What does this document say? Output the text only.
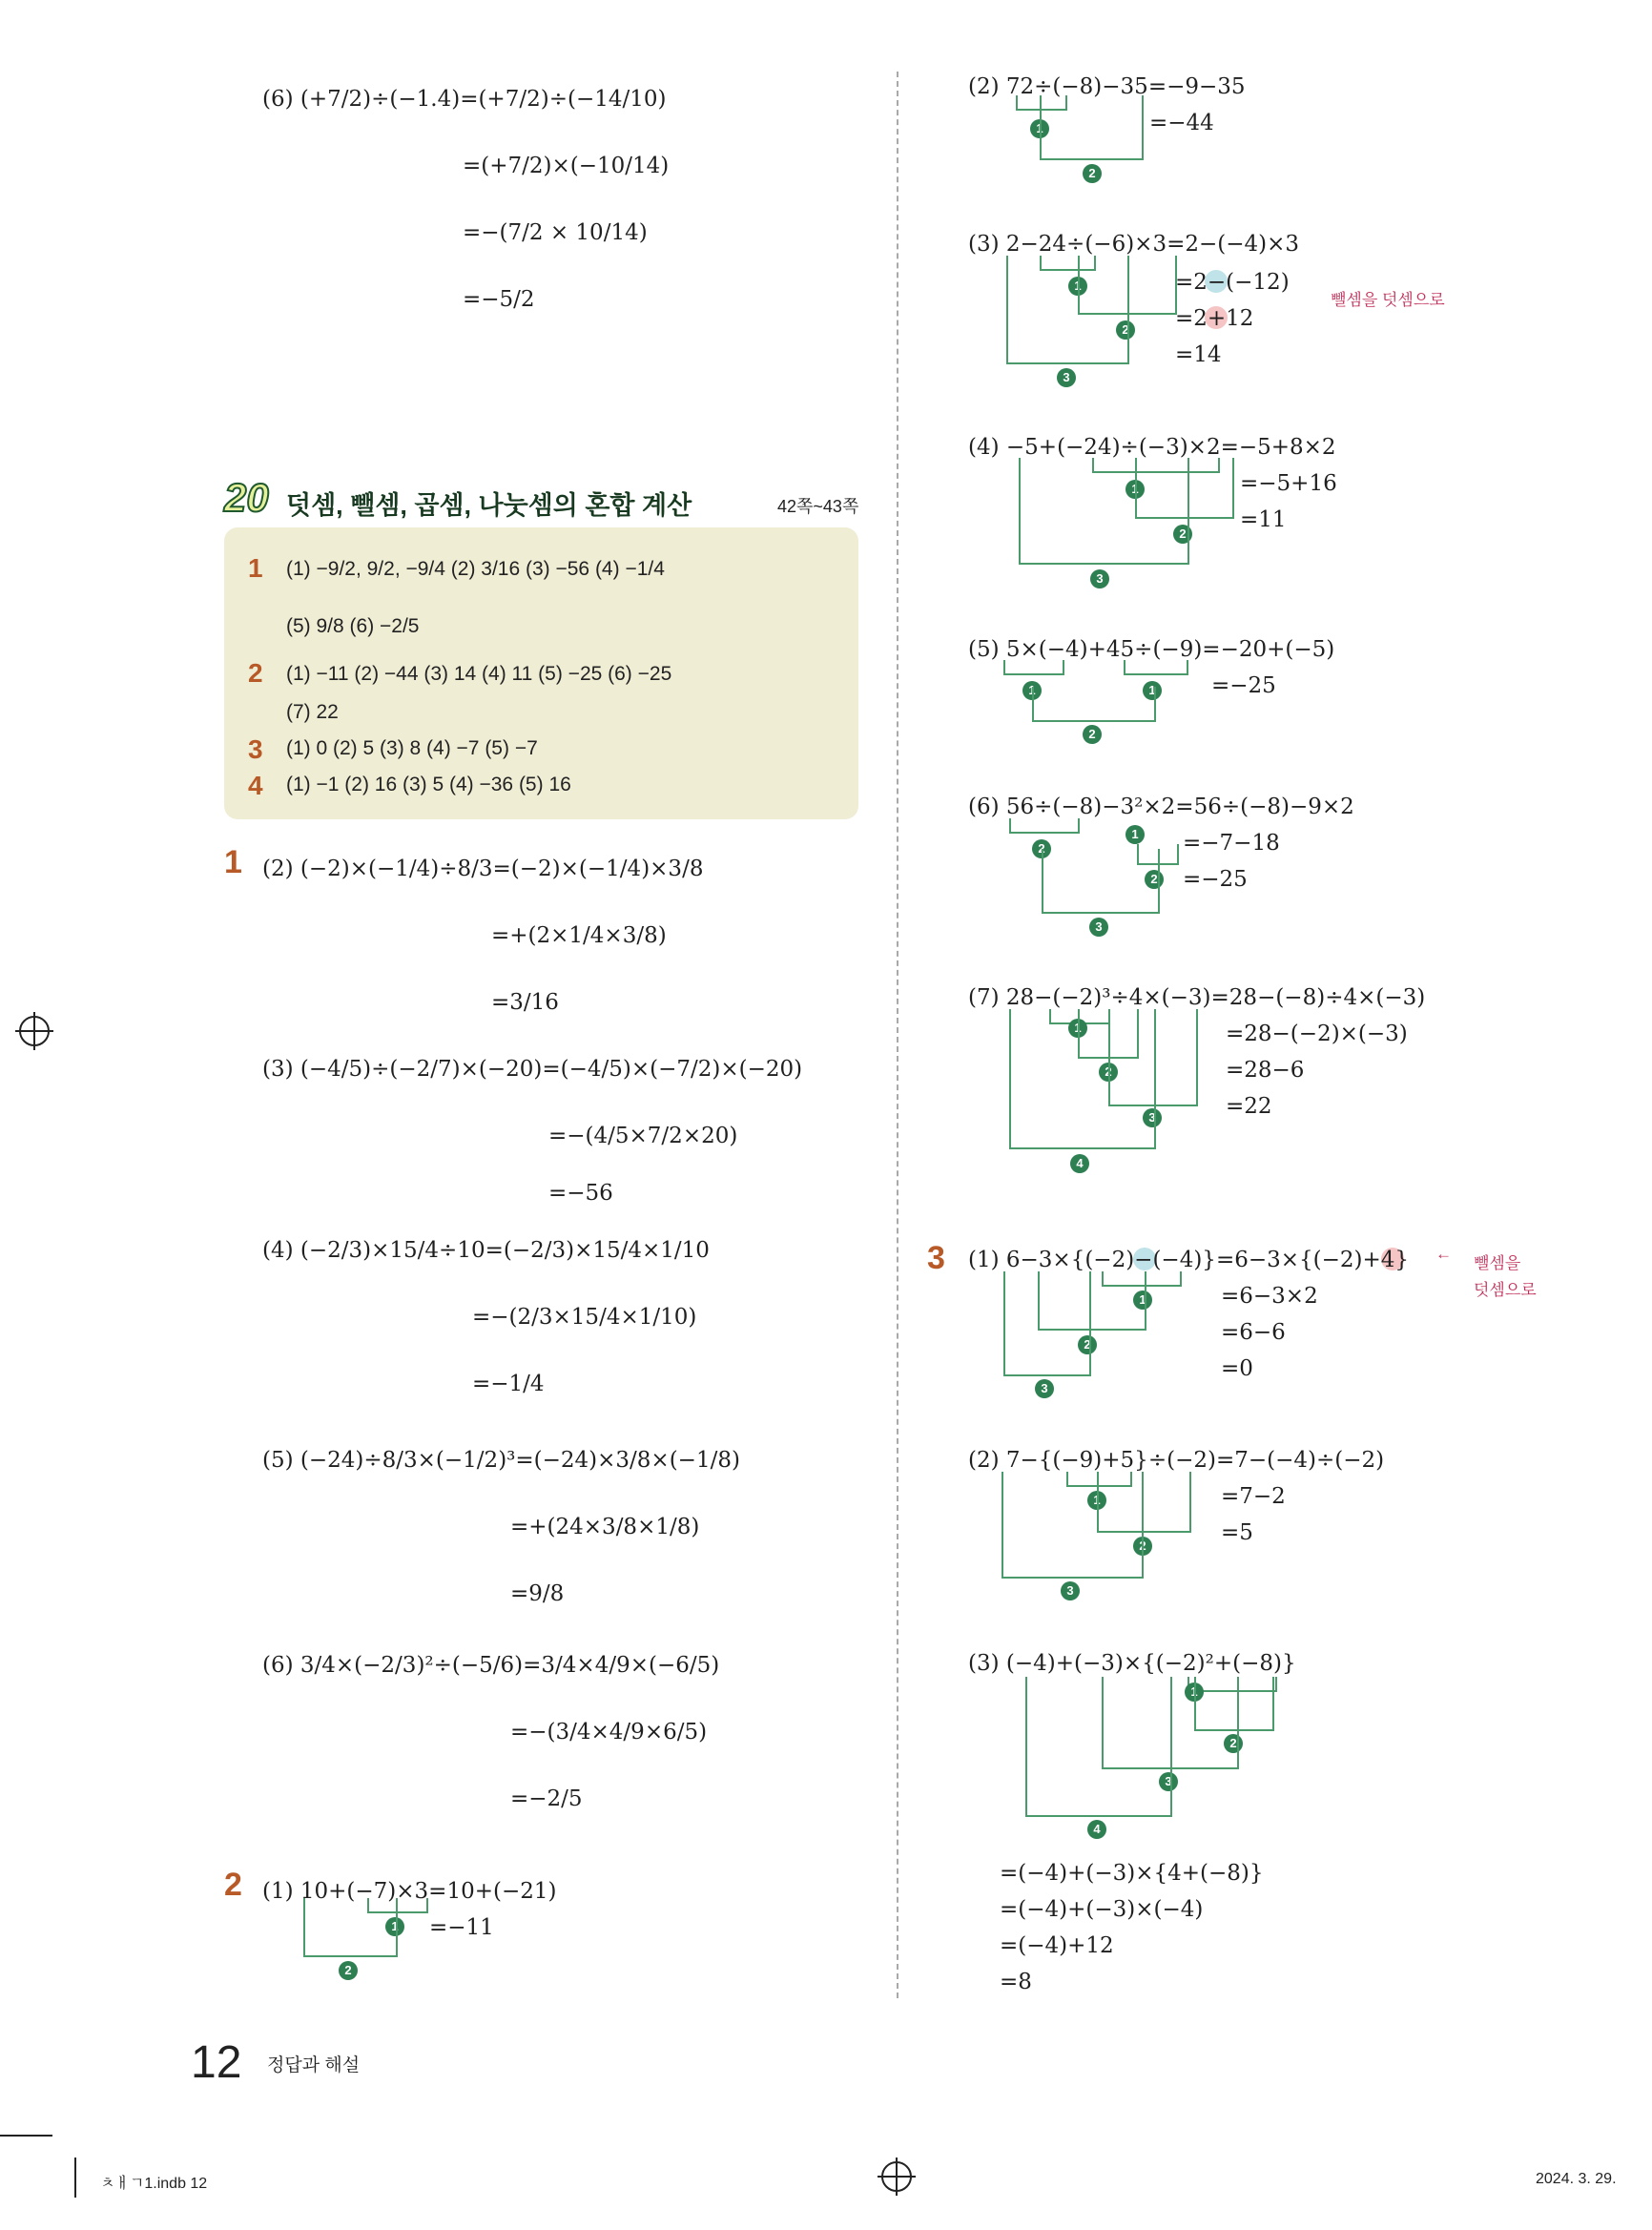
(6) (+7/2)÷(−1.4)=(+7/2)÷(−14/10)
=(+7/2)×(−10/14)
=−(7/2 × 10/14)
=−5/2
20 덧셈, 뺄셈, 곱셈, 나눗셈의 혼합 계산	42쪽~43쪽
1 (1) −9/2, 9/2, −9/4 (2) 3/16 (3) −56 (4) −1/4
(5) 9/8 (6) −2/5
2 (1) −11 (2) −44 (3) 14 (4) 11 (5) −25 (6) −25
(7) 22
3 (1) 0 (2) 5 (3) 8 (4) −7 (5) −7
4 (1) −1 (2) 16 (3) 5 (4) −36 (5) 16
1 (2) (−2)×(−1/4)÷8/3=(−2)×(−1/4)×3/8
=+(2×1/4×3/8)
=3/16
(3) (−4/5)÷(−2/7)×(−20)=(−4/5)×(−7/2)×(−20)
=−(4/5×7/2×20)
=−56
(4) (−2/3)×15/4÷10=(−2/3)×15/4×1/10
=−(2/3×15/4×1/10)
=−1/4
(5) (−24)÷8/3×(−1/2)³=(−24)×3/8×(−1/8)
=+(24×3/8×1/8)
=9/8
(6) 3/4×(−2/3)²÷(−5/6)=3/4×4/9×(−6/5)
=−(3/4×4/9×6/5)
=−2/5
2 (1) 10+(−7)×3=10+(−21)
=−11
1
2
(2) 72÷(−8)−35=−9−35
=−44
1
2
(3) 2−24÷(−6)×3=2−(−4)×3
=2−(−12)
=2+12
=14
뺄셈을 덧셈으로
1
2
3
(4) −5+(−24)÷(−3)×2=−5+8×2
=−5+16
=11
1
2
3
(5) 5×(−4)+45÷(−9)=−20+(−5)
=−25
1	1
2
(6) 56÷(−8)−3²×2=56÷(−8)−9×2
=−7−18
=−25
2
1
2
3
(7) 28−(−2)³÷4×(−3)=28−(−8)÷4×(−3)
=28−(−2)×(−3)
=28−6
=22
1
2
3
4
3 (1) 6−3×{(−2)−(−4)}=6−3×{(−2)+4}
=6−3×2
=6−6
=0
←
뺄셈을
덧셈으로
1
2
3
(2) 7−{(−9)+5}÷(−2)=7−(−4)÷(−2)
=7−2
=5
1
2
3
(3) (−4)+(−3)×{(−2)²+(−8)}
1
2
3
4
=(−4)+(−3)×{4+(−8)}
=(−4)+(−3)×(−4)
=(−4)+12
=8
12 정답과 해설
ㅊㅐㄱ1.indb 12	2024. 3. 29.
